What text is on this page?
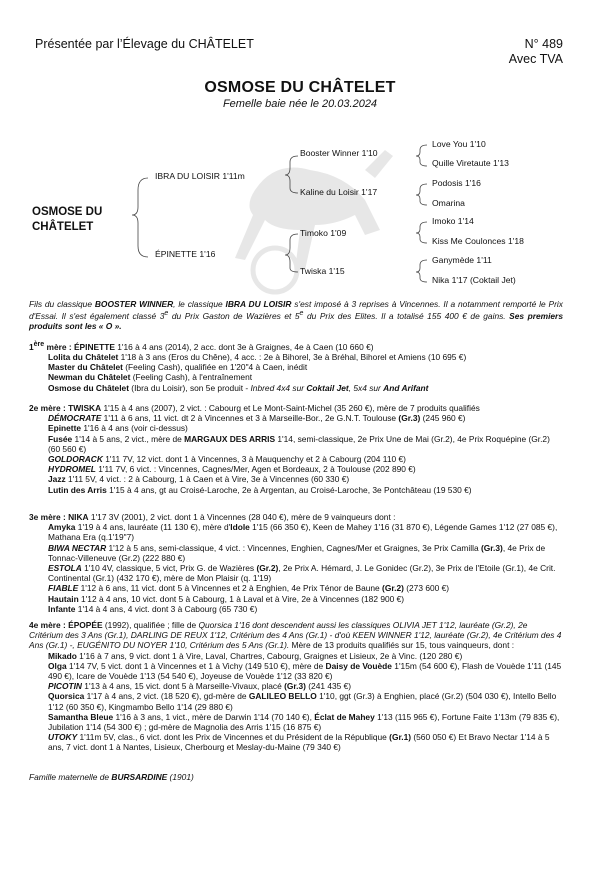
Présentée par l’Élevage du CHÂTELET	N° 489
Avec TVA
OSMOSE DU CHÂTELET
Femelle baie née le 20.03.2024
OSMOSE DU CHÂTELET
IBRA DU LOISIR 1'11m
ÉPINETTE 1'16
Booster Winner 1'10
Kaline du Loisir 1'17
Timoko 1'09
Twiska 1'15
Love You 1'10
Quille Viretaute 1'13
Podosis 1'16
Omarina
Imoko 1'14
Kiss Me Coulonces 1'18
Ganymède 1'11
Nika 1'17 (Coktail Jet)
Fils du classique BOOSTER WINNER, le classique IBRA DU LOISIR s'est imposé à 3 reprises à Vincennes. Il a notamment remporté le Prix d'Essai. Il s'est également classé 3e du Prix Gaston de Wazières et 5e du Prix des Elites. Il a totalisé 155 400 € de gains. Ses premiers produits sont les « O ».

1ère mère : ÉPINETTE 1'16 à 4 ans (2014), 2 acc. dont 3e à Graignes, 4e à Caen (10 660 €)

Lolita du Châtelet 1'18 à 3 ans (Eros du Chêne), 4 acc. : 2e à Bihorel, 3e à Bréhal, Bihorel et Amiens (10 695 €)

Master du Châtelet (Feeling Cash), qualifiée en 1'20"4 à Caen, inédit

Newman du Châtelet (Feeling Cash), à l'entraînement

Osmose du Châtelet (Ibra du Loisir), son 5e produit - Inbred 4x4 sur Coktail Jet, 5x4 sur And Arifant

2e mère : TWISKA 1'15 à 4 ans (2007), 2 vict. : Cabourg et Le Mont-Saint-Michel (35 260 €), mère de 7 produits qualifiés

DÉMOCRATE 1'11 à 6 ans, 11 vict. dt 2 à Vincennes et 3 à Marseille-Bor., 2e G.N.T. Toulouse (Gr.3) (245 960 €)

Epinette 1'16 à 4 ans (voir ci-dessus)

Fusée 1'14 à 5 ans, 2 vict., mère de MARGAUX DES ARRIS 1'14, semi-classique, 2e Prix Une de Mai (Gr.2), 4e Prix Roquépine (Gr.2) (60 560 €)

GOLDORACK 1'11 7V, 12 vict. dont 1 à Vincennes, 3 à Mauquenchy et 2 à Cabourg (204 110 €)

HYDROMEL 1'11 7V, 6 vict. : Vincennes, Cagnes/Mer, Agen et Bordeaux, 2 à Toulouse (202 890 €)

Jazz 1'11 5V, 4 vict. : 2 à Cabourg, 1 à Caen et à Vire, 3e à Vincennes (60 330 €)

Lutin des Arris 1'15 à 4 ans, gt au Croisé-Laroche, 2e à Argentan, au Croisé-Laroche, 3e Pontchâteau (19 530 €)

3e mère : NIKA 1'17 3V (2001), 2 vict. dont 1 à Vincennes (28 040 €), mère de 9 vainqueurs dont :

Amyka 1'19 à 4 ans, lauréate (11 130 €), mère d'Idole 1'15 (66 350 €), Keen de Mahey 1'16 (31 870 €), Légende Games 1'12 (27 085 €), Mathana Era (q.1'19"7)

BIWA NECTAR 1'12 à 5 ans, semi-classique, 4 vict. : Vincennes, Enghien, Cagnes/Mer et Graignes, 3e Prix Camilla (Gr.3), 4e Prix de Tonnac-Villeneuve (Gr.2) (222 880 €)

ESTOLA 1'10 4V, classique, 5 vict, Prix G. de Wazières (Gr.2), 2e Prix A. Hémard, J. Le Gonidec (Gr.2), 3e Prix de l'Etoile (Gr.1), 4e Crit. Continental (Gr.1) (432 170 €), mère de Mon Plaisir (q. 1'19)

FIABLE 1'12 à 6 ans, 11 vict. dont 5 à Vincennes et 2 à Enghien, 4e Prix Ténor de Baune (Gr.2) (273 600 €)

Hautain 1'12 à 4 ans, 10 vict. dont 5 à Cabourg, 1 à Laval et à Vire, 2e à Vincennes (182 900 €)

Infante 1'14 à 4 ans, 4 vict. dont 3 à Cabourg (65 730 €)

4e mère : ÉPOPÉE (1992), qualifiée ; fille de Quorsica 1'16 dont descendent aussi les classiques OLIVIA JET 1'12, lauréate (Gr.2), 2e Critérium des 3 Ans (Gr.1), DARLING DE REUX 1'12, Critérium des 4 Ans (Gr.1) - d'où KEEN WINNER 1'12, lauréate (Gr.2), 4e Critérium des 4 Ans (Gr.1) -, EUGÉNITO DU NOYER 1'10, Critérium des 5 Ans (Gr.1). Mère de 13 produits qualifiés sur 15, tous vainqueurs, dont :

Mikado 1'16 à 7 ans, 9 vict. dont 1 à Vire, Laval, Chartres, Cabourg, Graignes et Lisieux, 2e à Vinc. (120 280 €)

Olga 1'14 7V, 5 vict. dont 1 à Vincennes et 1 à Vichy (149 510 €), mère de Daisy de Vouède 1'15m (54 600 €), Flash de Vouède 1'11 (145 490 €), Icare de Vouède 1'13 (54 540 €), Joyeuse de Vouède 1'12 (33 820 €)

PICOTIN 1'13 à 4 ans, 15 vict. dont 5 à Marseille-Vivaux, placé (Gr.3) (241 435 €)

Quorsica 1'17 à 4 ans, 2 vict. (18 520 €), gd-mère de GALILEO BELLO 1'10, ggt (Gr.3) à Enghien, placé (Gr.2) (504 030 €), Intello Bello 1'12 (60 350 €), Kingmambo Bello 1'14 (29 880 €)

Samantha Bleue 1'16 à 3 ans, 1 vict., mère de Darwin 1'14 (70 140 €), Éclat de Mahey 1'13 (115 965 €), Fortune Faite 1'13m (79 835 €), Jubilation 1'14 (54 300 €) ; gd-mère de Magnolia des Arris 1'15 (16 875 €)

UTOKY 1'11m 5V, clas., 6 vict. dont les Prix de Vincennes et du Président de la République (Gr.1) (560 050 €) Et Bravo Nectar 1'14 à 5 ans, 7 vict. dont 1 à Nantes, Lisieux, Cherbourg et Meslay-du-Maine (79 340 €)

Famille maternelle de BURSARDINE (1901)
